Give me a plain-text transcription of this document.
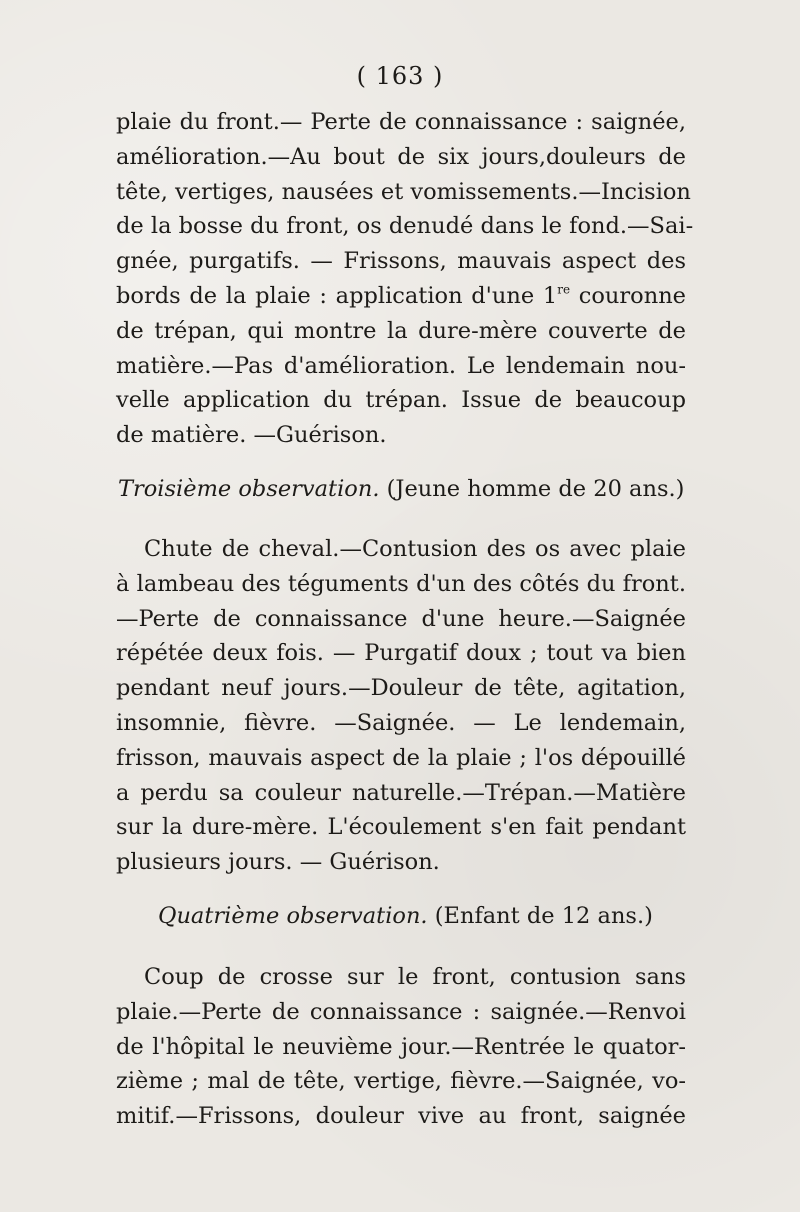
( 163 )
plaie du front.— Perte de connaissance : saignée,
amélioration.—Au bout de six jours,douleurs de
tête, vertiges, nausées et vomissements.—Incision
de la bosse du front, os denudé dans le fond.—Sai-
gnée, purgatifs. — Frissons, mauvais aspect des
bords de la plaie : application d'une 1re couronne
de trépan, qui montre la dure-mère couverte de
matière.—Pas d'amélioration. Le lendemain nou-
velle application du trépan. Issue de beaucoup
de matière. —Guérison.
Troisième observation. (Jeune homme de 20 ans.)
Chute de cheval.—Contusion des os avec plaie
à lambeau des téguments d'un des côtés du front.
—Perte de connaissance d'une heure.—Saignée
répétée deux fois. — Purgatif doux ; tout va bien
pendant neuf jours.—Douleur de tête, agitation,
insomnie, fièvre. —Saignée. — Le lendemain,
frisson, mauvais aspect de la plaie ; l'os dépouillé
a perdu sa couleur naturelle.—Trépan.—Matière
sur la dure-mère. L'écoulement s'en fait pendant
plusieurs jours. — Guérison.
Quatrième observation. (Enfant de 12 ans.)
Coup de crosse sur le front, contusion sans
plaie.—Perte de connaissance : saignée.—Renvoi
de l'hôpital le neuvième jour.—Rentrée le quator-
zième ; mal de tête, vertige, fièvre.—Saignée, vo-
mitif.—Frissons, douleur vive au front, saignée
